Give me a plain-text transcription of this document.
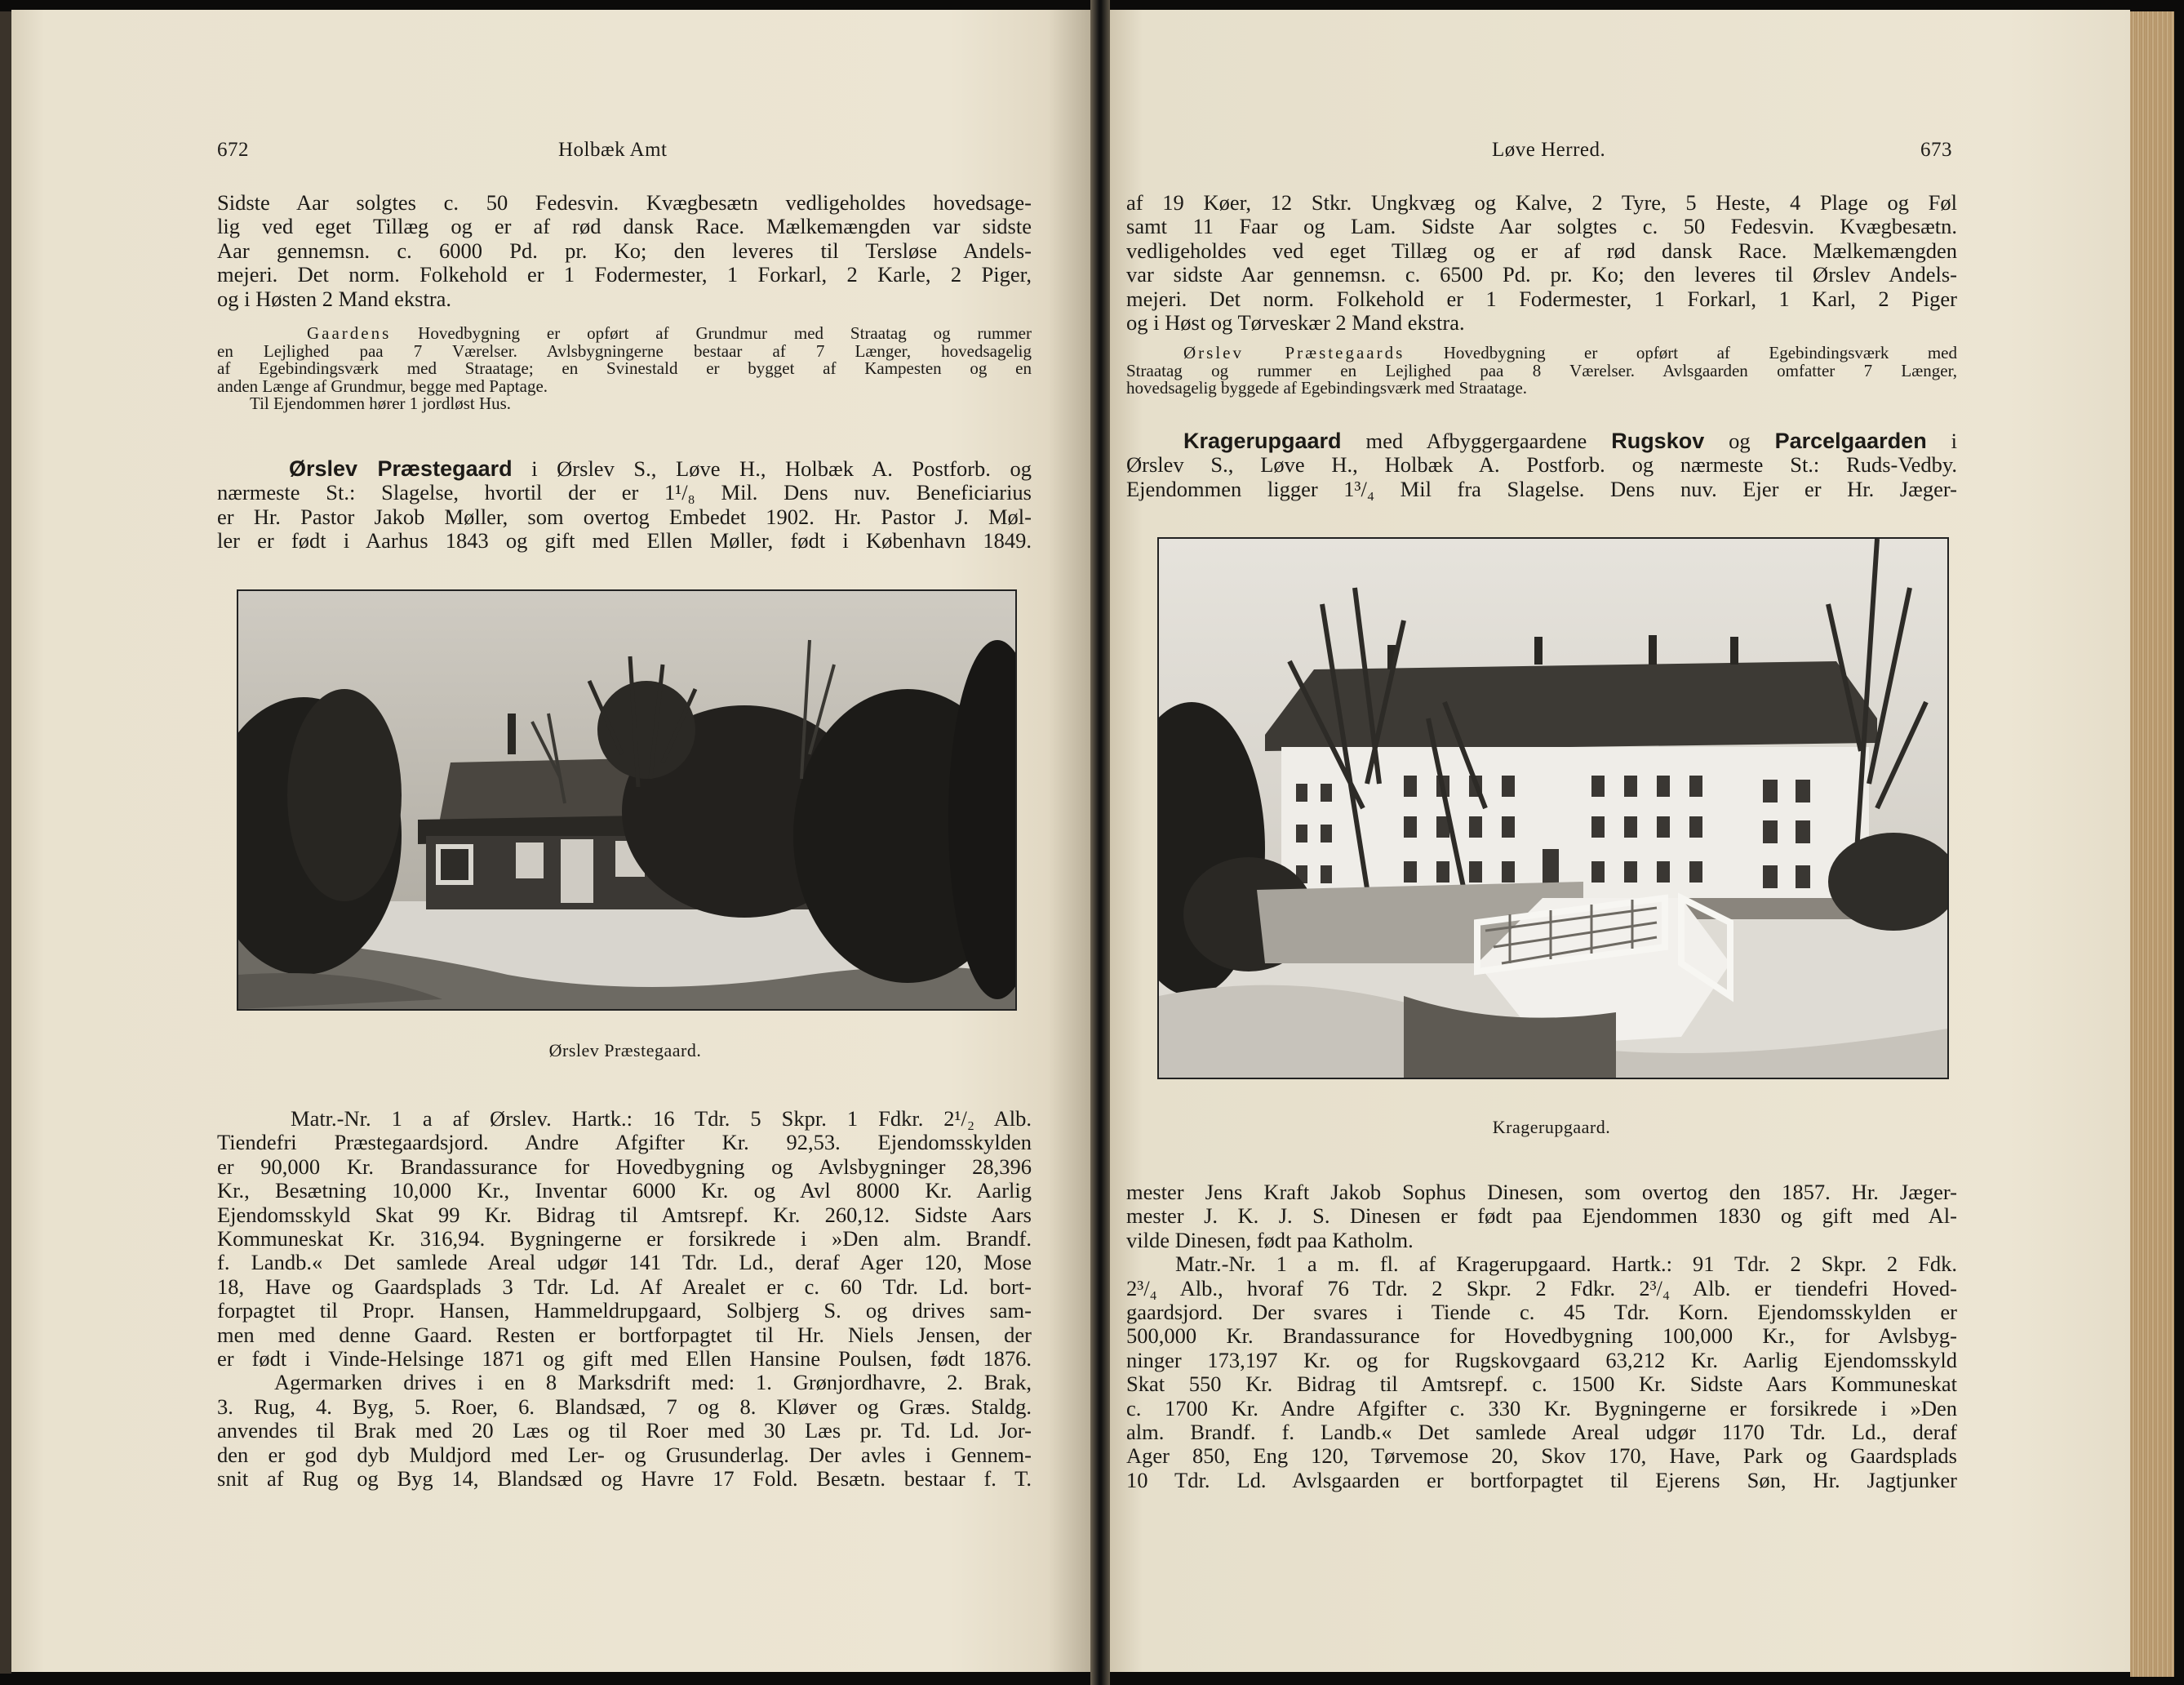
672	Holbæk Amt
Sidste Aar solgtes c. 50 Fedesvin. Kvægbesætn vedligeholdes hovedsage-
lig ved eget Tillæg og er af rød dansk Race. Mælkemængden var sidste
Aar gennemsn. c. 6000 Pd. pr. Ko; den leveres til Tersløse Andels-
mejeri. Det norm. Folkehold er 1 Fodermester, 1 Forkarl, 2 Karle, 2 Piger,
og i Høsten 2 Mand ekstra.
Gaardens Hovedbygning er opført af Grundmur med Straatag og rummer
en Lejlighed paa 7 Værelser. Avlsbygningerne bestaar af 7 Længer, hovedsagelig
af Egebindingsværk med Straatage; en Svinestald er bygget af Kampesten og en
anden Længe af Grundmur, begge med Paptage.
Til Ejendommen hører 1 jordløst Hus.
Ørslev Præstegaard i Ørslev S., Løve H., Holbæk A. Postforb. og
nærmeste St.: Slagelse, hvortil der er 1¹/₈ Mil. Dens nuv. Beneficiarius
er Hr. Pastor Jakob Møller, som overtog Embedet 1902. Hr. Pastor J. Møl-
ler er født i Aarhus 1843 og gift med Ellen Møller, født i København 1849.
Ørslev Præstegaard.
Matr.-Nr. 1 a af Ørslev. Hartk.: 16 Tdr. 5 Skpr. 1 Fdkr. 2¹/₂ Alb.
Tiendefri Præstegaardsjord. Andre Afgifter Kr. 92,53. Ejendomsskylden
er 90,000 Kr. Brandassurance for Hovedbygning og Avlsbygninger 28,396
Kr., Besætning 10,000 Kr., Inventar 6000 Kr. og Avl 8000 Kr. Aarlig
Ejendomsskyld Skat 99 Kr. Bidrag til Amtsrepf. Kr. 260,12. Sidste Aars
Kommuneskat Kr. 316,94. Bygningerne er forsikrede i »Den alm. Brandf.
f. Landb.« Det samlede Areal udgør 141 Tdr. Ld., deraf Ager 120, Mose
18, Have og Gaardsplads 3 Tdr. Ld. Af Arealet er c. 60 Tdr. Ld. bort-
forpagtet til Propr. Hansen, Hammeldrupgaard, Solbjerg S. og drives sam-
men med denne Gaard. Resten er bortforpagtet til Hr. Niels Jensen, der
er født i Vinde-Helsinge 1871 og gift med Ellen Hansine Poulsen, født 1876.
Agermarken drives i en 8 Marksdrift med: 1. Grønjordhavre, 2. Brak,
3. Rug, 4. Byg, 5. Roer, 6. Blandsæd, 7 og 8. Kløver og Græs. Staldg.
anvendes til Brak med 20 Læs og til Roer med 30 Læs pr. Td. Ld. Jor-
den er god dyb Muldjord med Ler- og Grusunderlag. Der avles i Gennem-
snit af Rug og Byg 14, Blandsæd og Havre 17 Fold. Besætn. bestaar f. T.
Løve Herred.	673
af 19 Køer, 12 Stkr. Ungkvæg og Kalve, 2 Tyre, 5 Heste, 4 Plage og Føl
samt 11 Faar og Lam. Sidste Aar solgtes c. 50 Fedesvin. Kvægbesætn.
vedligeholdes ved eget Tillæg og er af rød dansk Race. Mælkemængden
var sidste Aar gennemsn. c. 6500 Pd. pr. Ko; den leveres til Ørslev Andels-
mejeri. Det norm. Folkehold er 1 Fodermester, 1 Forkarl, 1 Karl, 2 Piger
og i Høst og Tørveskær 2 Mand ekstra.
Ørslev Præstegaards Hovedbygning er opført af Egebindingsværk med
Straatag og rummer en Lejlighed paa 8 Værelser. Avlsgaarden omfatter 7 Længer,
hovedsagelig byggede af Egebindingsværk med Straatage.
Kragerupgaard med Afbyggergaardene Rugskov og Parcelgaarden i
Ørslev S., Løve H., Holbæk A. Postforb. og nærmeste St.: Ruds-Vedby.
Ejendommen ligger 1³/₄ Mil fra Slagelse. Dens nuv. Ejer er Hr. Jæger-
Kragerupgaard.
mester Jens Kraft Jakob Sophus Dinesen, som overtog den 1857. Hr. Jæger-
mester J. K. J. S. Dinesen er født paa Ejendommen 1830 og gift med Al-
vilde Dinesen, født paa Katholm.
Matr.-Nr. 1 a m. fl. af Kragerupgaard. Hartk.: 91 Tdr. 2 Skpr. 2 Fdk.
2³/₄ Alb., hvoraf 76 Tdr. 2 Skpr. 2 Fdkr. 2³/₄ Alb. er tiendefri Hoved-
gaardsjord. Der svares i Tiende c. 45 Tdr. Korn. Ejendomsskylden er
500,000 Kr. Brandassurance for Hovedbygning 100,000 Kr., for Avlsbyg-
ninger 173,197 Kr. og for Rugskovgaard 63,212 Kr. Aarlig Ejendomsskyld
Skat 550 Kr. Bidrag til Amtsrepf. c. 1500 Kr. Sidste Aars Kommuneskat
c. 1700 Kr. Andre Afgifter c. 330 Kr. Bygningerne er forsikrede i »Den
alm. Brandf. f. Landb.« Det samlede Areal udgør 1170 Tdr. Ld., deraf
Ager 850, Eng 120, Tørvemose 20, Skov 170, Have, Park og Gaardsplads
10 Tdr. Ld. Avlsgaarden er bortforpagtet til Ejerens Søn, Hr. Jagtjunker
